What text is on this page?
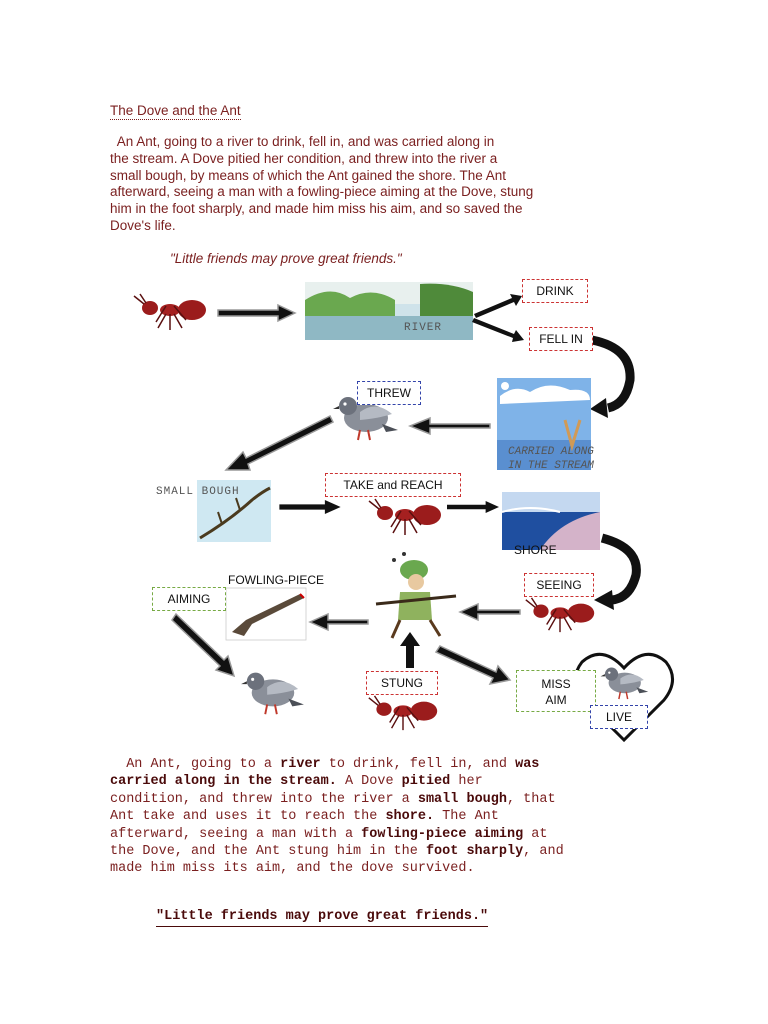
The Dove and the Ant
An Ant, going to a river to drink, fell in, and was carried along in
the stream. A Dove pitied her condition, and threw into the river a
small bough, by means of which the Ant gained the shore. The Ant
afterward, seeing a man with a fowling-piece aiming at the Dove, stung
him in the foot sharply, and made him miss his aim, and so saved the
Dove's life.
"Little friends may prove great friends."
DRINK
FELL IN
RIVER
THREW
CARRIED ALONG
IN THE STREAM
SMALL BOUGH	TAKE and REACH
SHORE
FOWLING-PIECE
AIMING
SEEING
STUNG	MISS
AIM
LIVE
An Ant, going to a river to drink, fell in, and was
carried along in the stream. A Dove pitied her
condition, and threw into the river a small bough, that
Ant take and uses it to reach the shore. The Ant
afterward, seeing a man with a fowling-piece aiming at
the Dove, and the Ant stung him in the foot sharply, and
made him miss its aim, and the dove survived.
"Little friends may prove great friends."
